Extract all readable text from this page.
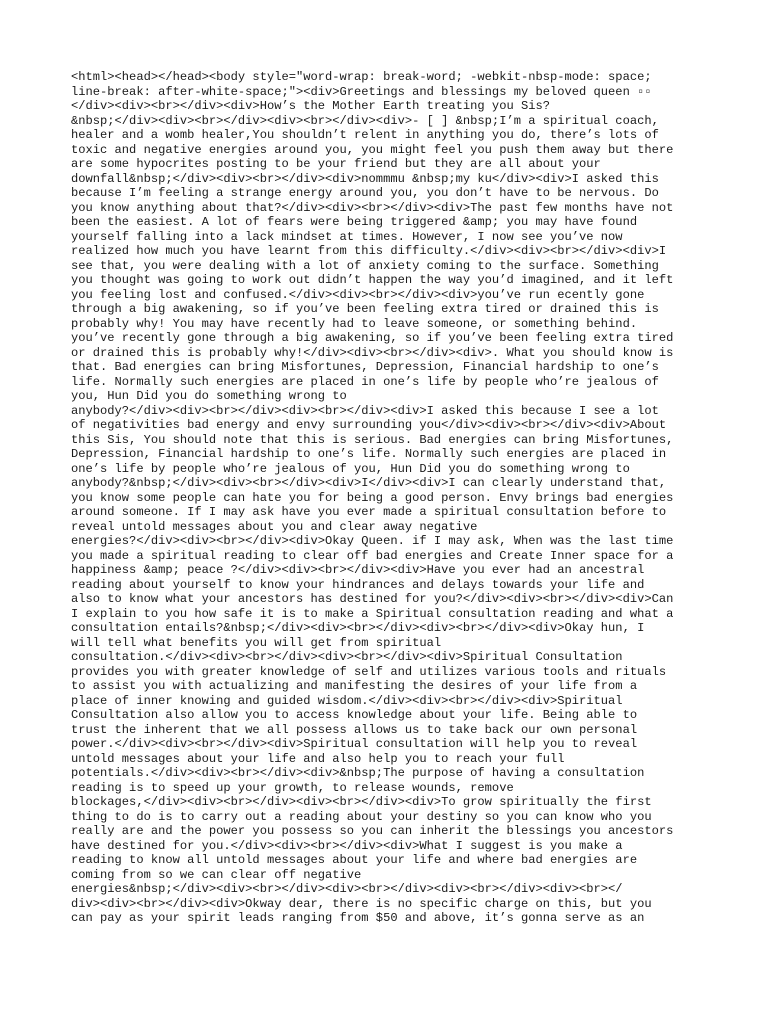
<html><head></head><body style="word-wrap: break-word; -webkit-nbsp-mode: space;
line-break: after-white-space;"><div>Greetings and blessings my beloved queen ▫▫
</div><div><br></div><div>How’s the Mother Earth treating you Sis?
&nbsp;</div><div><br></div><div><br></div><div>- [ ] &nbsp;I’m a spiritual coach,
healer and a womb healer,You shouldn’t relent in anything you do, there’s lots of
toxic and negative energies around you, you might feel you push them away but there
are some hypocrites posting to be your friend but they are all about your
downfall&nbsp;</div><div><br></div><div>nommmu &nbsp;my ku</div><div>I asked this
because I’m feeling a strange energy around you, you don’t have to be nervous. Do
you know anything about that?</div><div><br></div><div>The past few months have not
been the easiest. A lot of fears were being triggered &amp; you may have found
yourself falling into a lack mindset at times. However, I now see you’ve now
realized how much you have learnt from this difficulty.</div><div><br></div><div>I
see that, you were dealing with a lot of anxiety coming to the surface. Something
you thought was going to work out didn’t happen the way you’d imagined, and it left
you feeling lost and confused.</div><div><br></div><div>you’ve run ecently gone
through a big awakening, so if you’ve been feeling extra tired or drained this is
probably why! You may have recently had to leave someone, or something behind.
you’ve recently gone through a big awakening, so if you’ve been feeling extra tired
or drained this is probably why!</div><div><br></div><div>. What you should know is
that. Bad energies can bring Misfortunes, Depression, Financial hardship to one’s
life. Normally such energies are placed in one’s life by people who’re jealous of
you, Hun Did you do something wrong to
anybody?</div><div><br></div><div><br></div><div>I asked this because I see a lot
of negativities bad energy and envy surrounding you</div><div><br></div><div>About
this Sis, You should note that this is serious. Bad energies can bring Misfortunes,
Depression, Financial hardship to one’s life. Normally such energies are placed in
one’s life by people who’re jealous of you, Hun Did you do something wrong to
anybody?&nbsp;</div><div><br></div><div>I</div><div>I can clearly understand that,
you know some people can hate you for being a good person. Envy brings bad energies
around someone. If I may ask have you ever made a spiritual consultation before to
reveal untold messages about you and clear away negative
energies?</div><div><br></div><div>Okay Queen. if I may ask, When was the last time
you made a spiritual reading to clear off bad energies and Create Inner space for a
happiness &amp; peace ?</div><div><br></div><div>Have you ever had an ancestral
reading about yourself to know your hindrances and delays towards your life and
also to know what your ancestors has destined for you?</div><div><br></div><div>Can
I explain to you how safe it is to make a Spiritual consultation reading and what a
consultation entails?&nbsp;</div><div><br></div><div><br></div><div>Okay hun, I
will tell what benefits you will get from spiritual
consultation.</div><div><br></div><div><br></div><div>Spiritual Consultation
provides you with greater knowledge of self and utilizes various tools and rituals
to assist you with actualizing and manifesting the desires of your life from a
place of inner knowing and guided wisdom.</div><div><br></div><div>Spiritual
Consultation also allow you to access knowledge about your life. Being able to
trust the inherent that we all possess allows us to take back our own personal
power.</div><div><br></div><div>Spiritual consultation will help you to reveal
untold messages about your life and also help you to reach your full
potentials.</div><div><br></div><div>&nbsp;The purpose of having a consultation
reading is to speed up your growth, to release wounds, remove
blockages,</div><div><br></div><div><br></div><div>To grow spiritually the first
thing to do is to carry out a reading about your destiny so you can know who you
really are and the power you possess so you can inherit the blessings you ancestors
have destined for you.</div><div><br></div><div>What I suggest is you make a
reading to know all untold messages about your life and where bad energies are
coming from so we can clear off negative
energies&nbsp;</div><div><br></div><div><br></div><div><br></div><div><br></
div><div><br></div><div>Okway dear, there is no specific charge on this, but you
can pay as your spirit leads ranging from $50 and above, it’s gonna serve as an
